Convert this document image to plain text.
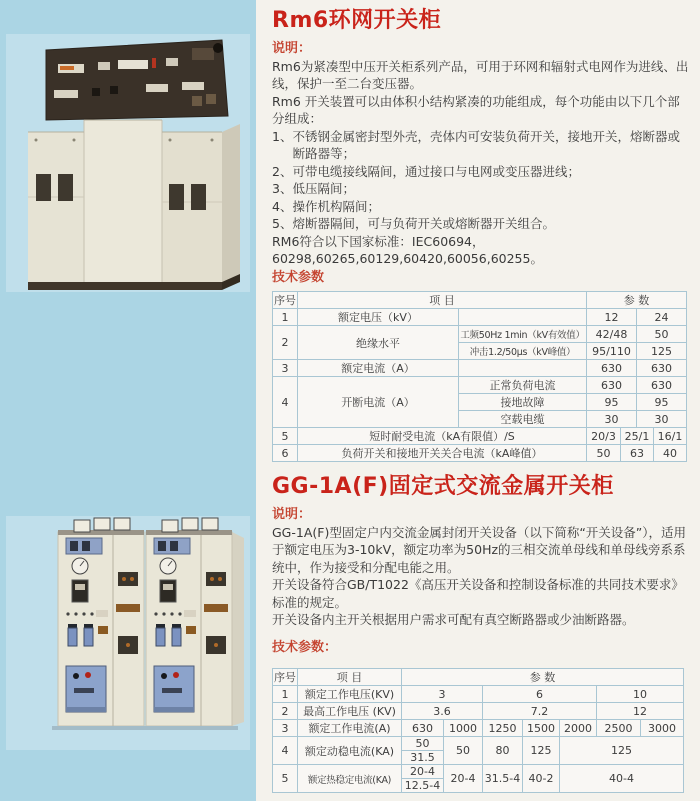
Rm6环网开关柜
说明：

Rm6为紧凑型中压开关柜系列产品，可用于环网和辐射式电网作为进线、出线，保护一至二台变压器。

Rm6 开关装置可以由体积小结构紧凑的功能组成，每个功能由以下几个部分组成：

1、不锈钢金属密封型外壳，壳体内可安装负荷开关，接地开关，熔断器或断路器等；

2、可带电缆接线隔间，通过接口与电网或变压器进线；

3、低压隔间；

4、操作机构隔间；

5、熔断器隔间，可与负荷开关或熔断器开关组合。

RM6符合以下国家标准：IEC60694，60298,60265,60129,60420,60056,60255。

技术参数
序号	项 目		参 数			
1	额定电压（kV）		12		24	
2	绝缘水平	工频50Hz 1min（kV有效值）	42/48		50	
		冲击1.2/50μs（kV峰值）	95/110		125	
3	额定电流（A）		630		630	
4	开断电流（A）	正常负荷电流	630		630	
		接地故障	95		95	
		空载电缆	30		30	
5	短时耐受电流（kA有限值）/S		20/3	25/1		16/1
6	负荷开关和接地开关关合电流（kA峰值）		50	63		40
GG-1A(F)固定式交流金属开关柜
说明：

GG-1A(F)型固定户内交流金属封闭开关设备（以下简称“开关设备”），适用于额定电压为3-10kV，额定功率为50Hz的三相交流单母线和单母线旁系系统中，作为接受和分配电能之用。

开关设备符合GB/T1022《高压开关设备和控制设备标准的共同技术要求》标准的规定。

开关设备内主开关根据用户需求可配有真空断路器或少油断路器。

技术参数：
序号	项 目	参 数						
1	额定工作电压(KV)	3		6			10	
2	最高工作电压 (KV)	3.6		7.2			12	
3	额定工作电流(A)	630	1000	1250	1500	2000	2500	3000
4	额定动稳电流(KA)	50	50	80	125	125		
		31.5						
5	额定热稳定电流(KA)	20-4	20-4	31.5-4	40-2	40-4		
		12.5-4						
